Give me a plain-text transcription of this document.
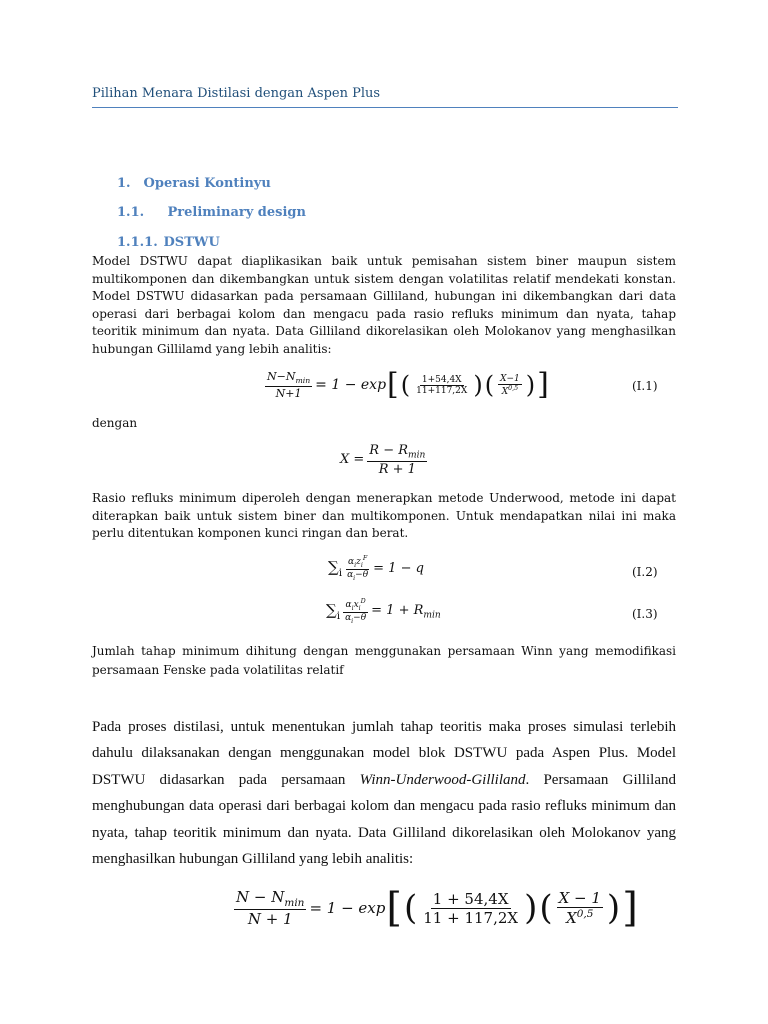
Pilihan Menara Distilasi dengan Aspen Plus
1. Operasi Kontinyu
1.1. Preliminary design
1.1.1. DSTWU
Model DSTWU dapat diaplikasikan baik untuk pemisahan sistem biner maupun sistem multikomponen dan dikembangkan untuk sistem dengan volatilitas relatif mendekati konstan. Model DSTWU didasarkan pada persamaan Gilliland, hubungan ini dikembangkan dari data operasi dari berbagai kolom dan mengacu pada rasio refluks minimum dan nyata, tahap teoritik minimum dan nyata. Data Gilliland dikorelasikan oleh Molokanov yang menghasilkan hubungan Gillilamd yang lebih analitis:
$\frac{N-N_{min}}{N+1} = 1 - \exp$ [ ( $\frac{1+54,4X}{11+117,2X}$ ) ( $\frac{X-1}{X^{0,5}}$ ) ]	(I.1)
dengan
$X = \frac{R - R_{min}}{R + 1}$
Rasio refluks minimum diperoleh dengan menerapkan metode Underwood, metode ini dapat diterapkan baik untuk sistem biner dan multikomponen. Untuk mendapatkan nilai ini maka perlu ditentukan komponen kunci ringan dan berat.
$\sum_i \frac{\alpha_iz_i^F}{\alpha_i-\theta} = 1 - q$	(I.2)
$\sum_i \frac{\alpha_ix_i^D}{\alpha_i-\theta} = 1 + R_{min}$	(I.3)
Jumlah tahap minimum dihitung dengan menggunakan persamaan Winn yang memodifikasi persamaan Fenske pada volatilitas relatif
Pada proses distilasi, untuk menentukan jumlah tahap teoritis maka proses simulasi terlebih dahulu dilaksanakan dengan menggunakan model blok DSTWU pada Aspen Plus. Model DSTWU didasarkan pada persamaan Winn-Underwood-Gilliland. Persamaan Gilliland menghubungan data operasi dari berbagai kolom dan mengacu pada rasio refluks minimum dan nyata, tahap teoritik minimum dan nyata. Data Gilliland dikorelasikan oleh Molokanov yang menghasilkan hubungan Gilliland yang lebih analitis:
$\frac{N - N_{min}}{N + 1} = 1 - \exp$ [ ( $\frac{1 + 54,4X}{11 + 117,2X}$ ) ( $\frac{X - 1}{X^{0,5}}$ ) ]
